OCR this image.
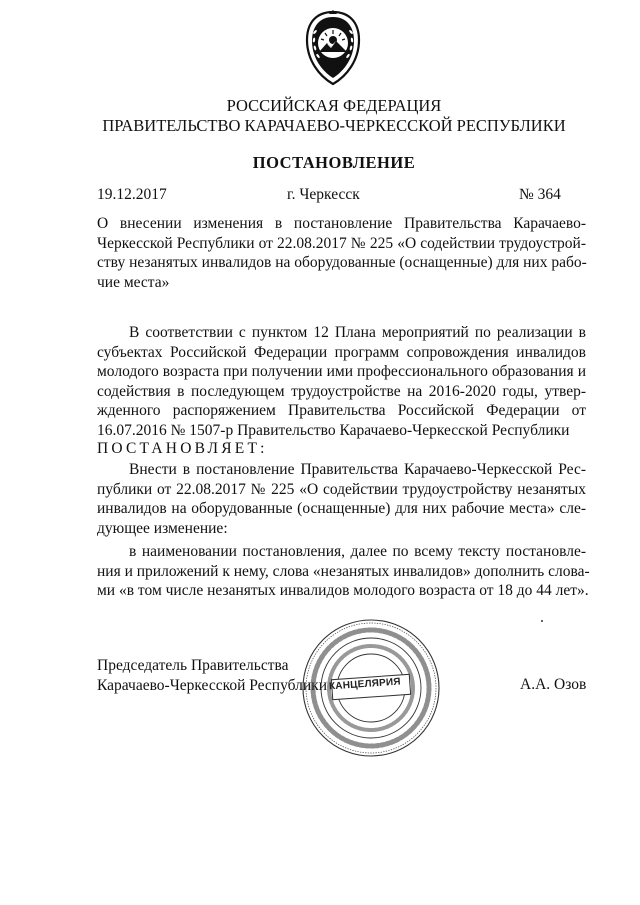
РОССИЙСКАЯ ФЕДЕРАЦИЯ
ПРАВИТЕЛЬСТВО КАРАЧАЕВО-ЧЕРКЕССКОЙ РЕСПУБЛИКИ
ПОСТАНОВЛЕНИЕ
19.12.2017	г. Черкесск	№ 364
О внесении изменения в постановление Правительства Карачаево-
Черкесской Республики от 22.08.2017 № 225 «О содействии трудоустрой-
ству незанятых инвалидов на оборудованные (оснащенные) для них рабо-
чие места»
В соответствии с пунктом 12 Плана мероприятий по реализации в
субъектах Российской Федерации программ сопровождения инвалидов
молодого возраста при получении ими профессионального образования и
содействия в последующем трудоустройстве на 2016-2020 годы, утвер-
жденного распоряжением Правительства Российской Федерации от
16.07.2016 № 1507-р Правительство Карачаево-Черкесской Республики
ПОСТАНОВЛЯЕТ:
Внести в постановление Правительства Карачаево-Черкесской Рес-
публики от 22.08.2017 № 225 «О содействии трудоустройству незанятых
инвалидов на оборудованные (оснащенные) для них рабочие места» сле-
дующее изменение:
в наименовании постановления, далее по всему тексту постановле-
ния и приложений к нему, слова «незанятых инвалидов» дополнить слова-
ми «в том числе незанятых инвалидов молодого возраста от 18 до 44 лет».
Председатель Правительства
Карачаево-Черкесской Республики КАНЦЕЛЯРИЯ	А.А. Озов
